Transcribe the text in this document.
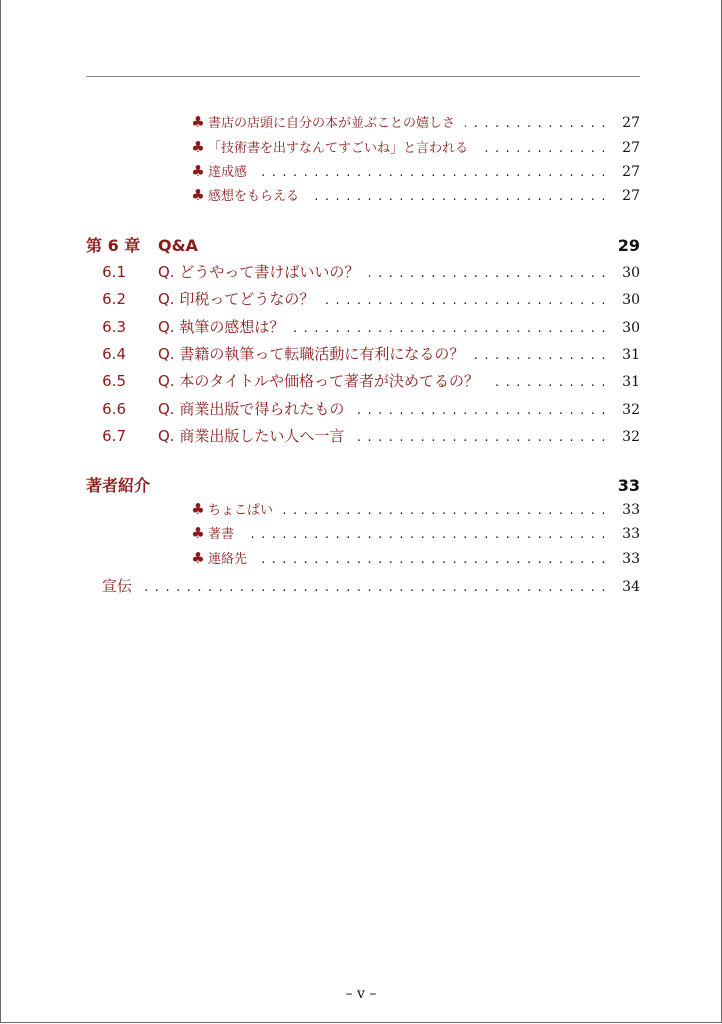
♣ 書店の店頭に自分の本が並ぶことの嬉しさ .....	27
♣ 「技術書を出すなんてすごいね」と言われる .....	27
♣ 達成感 .....	27
♣ 感想をもらえる .....	27
第 6 章	Q&A	29
6.1 Q. どうやって書けばいいの？ .....	30
6.2 Q. 印税ってどうなの？ .....	30
6.3 Q. 執筆の感想は？ .....	30
6.4 Q. 書籍の執筆って転職活動に有利になるの？ .....	31
6.5 Q. 本のタイトルや価格って著者が決めてるの？ .....	31
6.6 Q. 商業出版で得られたもの .....	32
6.7 Q. 商業出版したい人へ一言 .....	32
著者紹介	33
♣ ちょこぱい .....	33
♣ 著書 .....	33
♣ 連絡先 .....	33
宣伝 .....	34
– v –
